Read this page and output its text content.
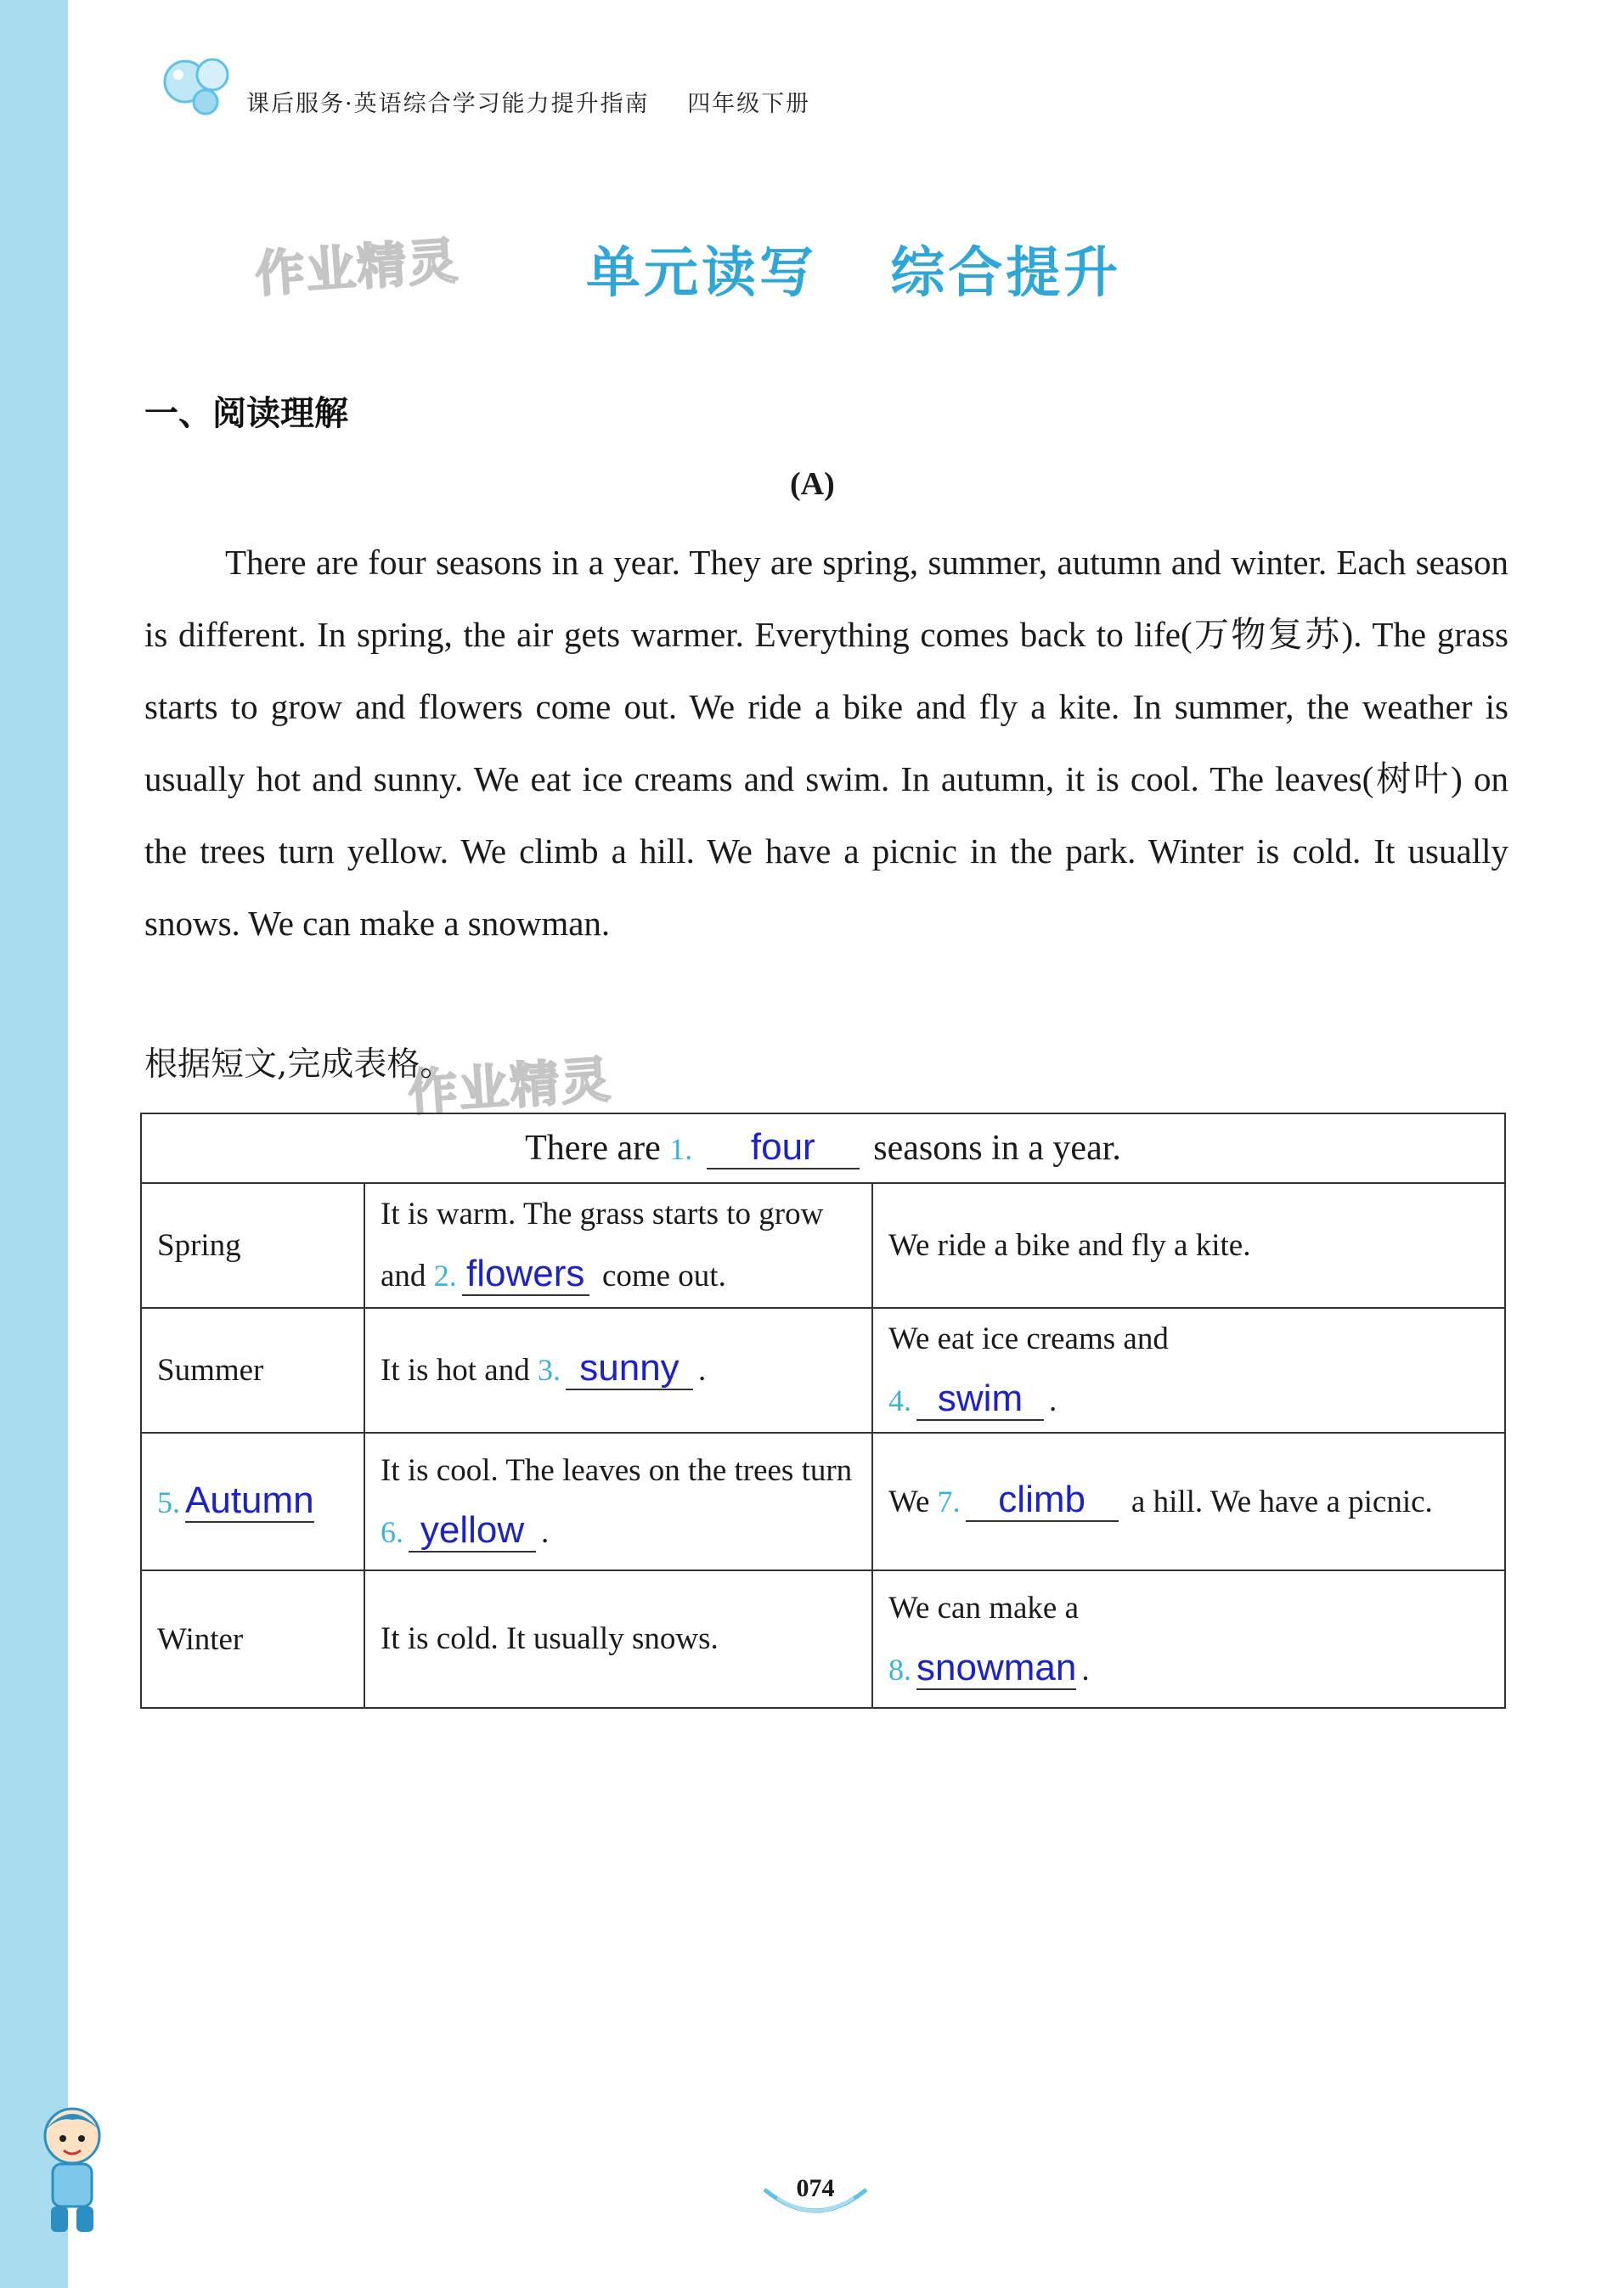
课后服务·英语综合学习能力提升指南 四年级下册
作业精灵
作业精灵
单元读写 综合提升
一、阅读理解
(A)

There are four seasons in a year. They are spring, summer, autumn and winter. Each season is different. In spring, the air gets warmer. Everything comes back to life(万物复苏). The grass starts to grow and flowers come out. We ride a bike and fly a kite. In summer, the weather is usually hot and sunny. We eat ice creams and swim. In autumn, it is cool. The leaves(树叶) on the trees turn yellow. We climb a hill. We have a picnic in the park. Winter is cold. It usually snows. We can make a snowman.

根据短文,完成表格。
There are 1. four seasons in a year.		
Spring	It is warm. The grass starts to grow and 2. flowers come out.	We ride a bike and fly a kite.
Summer	It is hot and 3. sunny .	We eat ice creams and
4. swim .
5. Autumn	It is cool. The leaves on the trees turn 6. yellow .	We 7. climb a hill. We have a picnic.
Winter	It is cold. It usually snows.	We can make a
8. snowman .
074
